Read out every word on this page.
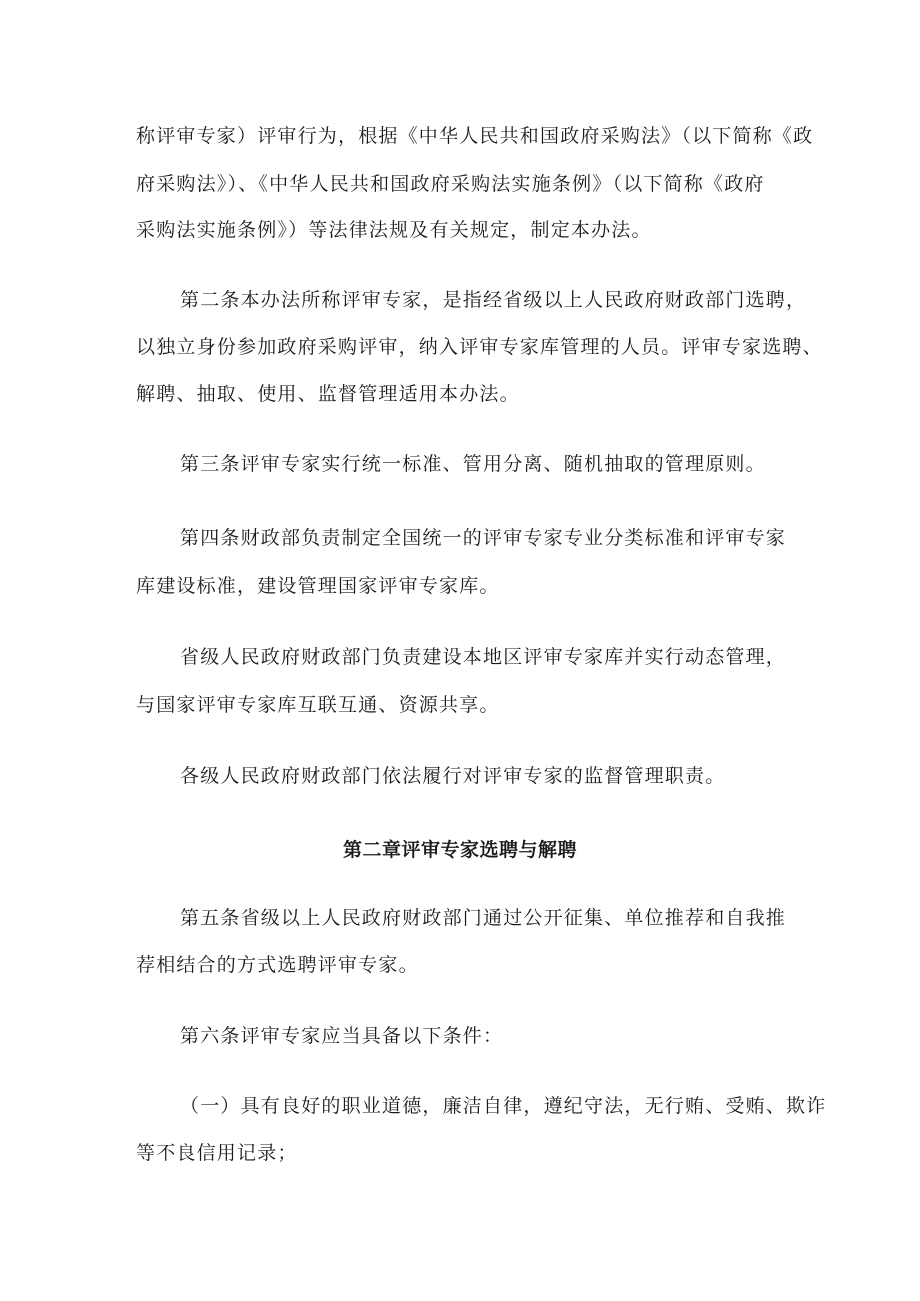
称评审专家）评审行为，根据《中华人民共和国政府采购法》（以下简称《政
府采购法》）、《中华人民共和国政府采购法实施条例》（以下简称《政府
采购法实施条例》）等法律法规及有关规定，制定本办法。
第二条本办法所称评审专家，是指经省级以上人民政府财政部门选聘，
以独立身份参加政府采购评审，纳入评审专家库管理的人员。评审专家选聘、
解聘、抽取、使用、监督管理适用本办法。
第三条评审专家实行统一标准、管用分离、随机抽取的管理原则。
第四条财政部负责制定全国统一的评审专家专业分类标准和评审专家
库建设标准，建设管理国家评审专家库。
省级人民政府财政部门负责建设本地区评审专家库并实行动态管理，
与国家评审专家库互联互通、资源共享。
各级人民政府财政部门依法履行对评审专家的监督管理职责。
第二章评审专家选聘与解聘
第五条省级以上人民政府财政部门通过公开征集、单位推荐和自我推
荐相结合的方式选聘评审专家。
第六条评审专家应当具备以下条件：
（一）具有良好的职业道德，廉洁自律，遵纪守法，无行贿、受贿、欺诈
等不良信用记录；
